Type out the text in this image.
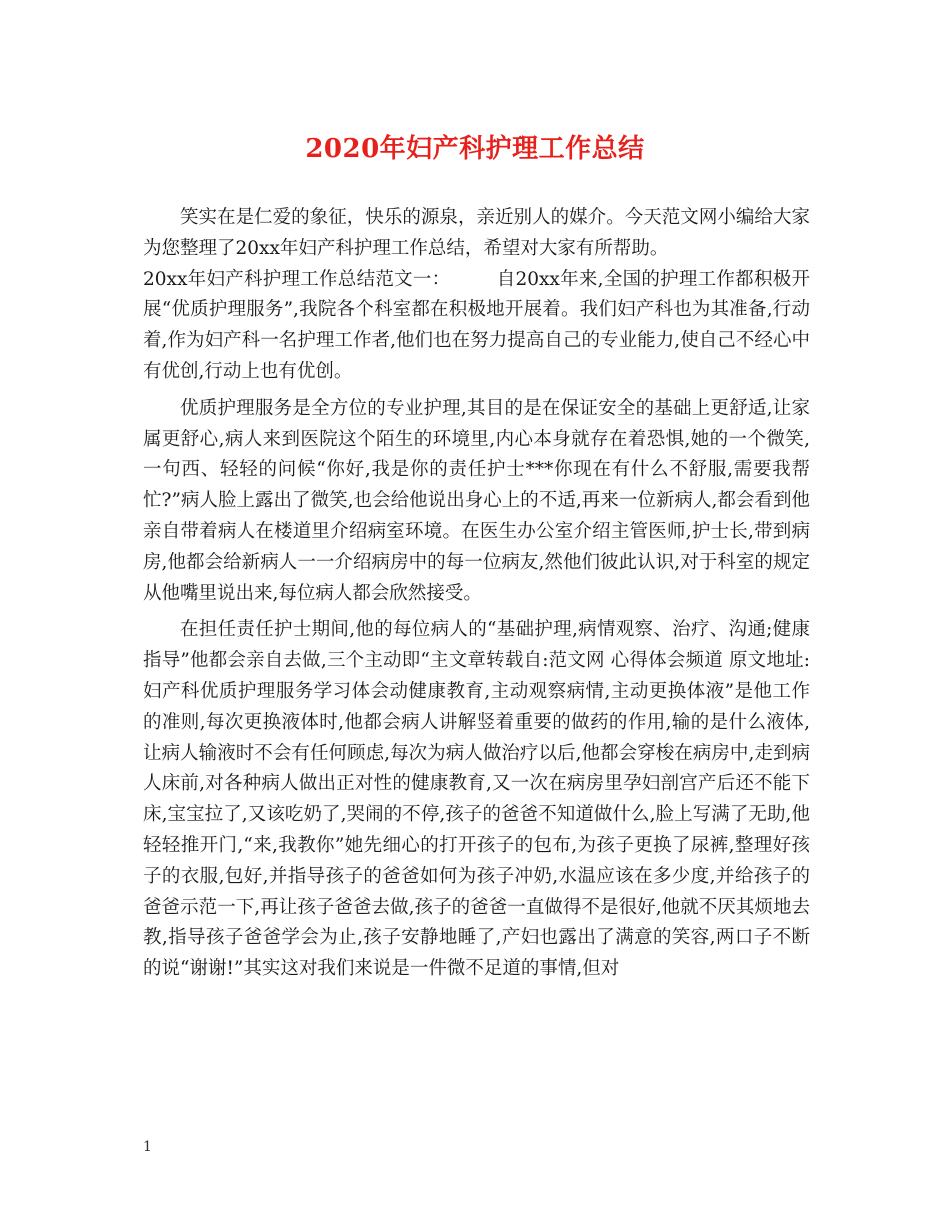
2020年妇产科护理工作总结

笑实在是仁爱的象征，快乐的源泉，亲近别人的媒介。今天范文网小编给大家为您整理了20xx年妇产科护理工作总结，希望对大家有所帮助。

20xx年妇产科护理工作总结范文一： 自20xx年来,全国的护理工作都积极开展“优质护理服务”,我院各个科室都在积极地开展着。我们妇产科也为其准备,行动着,作为妇产科一名护理工作者,他们也在努力提高自己的专业能力,使自己不经心中有优创,行动上也有优创。

优质护理服务是全方位的专业护理,其目的是在保证安全的基础上更舒适,让家属更舒心,病人来到医院这个陌生的环境里,内心本身就存在着恐惧,她的一个微笑,一句西、轻轻的问候“你好,我是你的责任护士***你现在有什么不舒服,需要我帮忙?”病人脸上露出了微笑,也会给他说出身心上的不适,再来一位新病人,都会看到他亲自带着病人在楼道里介绍病室环境。在医生办公室介绍主管医师,护士长,带到病房,他都会给新病人一一介绍病房中的每一位病友,然他们彼此认识,对于科室的规定从他嘴里说出来,每位病人都会欣然接受。

在担任责任护士期间,他的每位病人的“基础护理,病情观察、治疗、沟通;健康指导”他都会亲自去做,三个主动即“主文章转载自:范文网 心得体会频道 原文地址:妇产科优质护理服务学习体会动健康教育,主动观察病情,主动更换体液”是他工作的准则,每次更换液体时,他都会病人讲解竖着重要的做药的作用,输的是什么液体,让病人输液时不会有任何顾虑,每次为病人做治疗以后,他都会穿梭在病房中,走到病人床前,对各种病人做出正对性的健康教育,又一次在病房里孕妇剖宫产后还不能下床,宝宝拉了,又该吃奶了,哭闹的不停,孩子的爸爸不知道做什么,脸上写满了无助,他轻轻推开门,“来,我教你”她先细心的打开孩子的包布,为孩子更换了尿裤,整理好孩子的衣服,包好,并指导孩子的爸爸如何为孩子冲奶,水温应该在多少度,并给孩子的爸爸示范一下,再让孩子爸爸去做,孩子的爸爸一直做得不是很好,他就不厌其烦地去教,指导孩子爸爸学会为止,孩子安静地睡了,产妇也露出了满意的笑容,两口子不断的说“谢谢!”其实这对我们来说是一件微不足道的事情,但对

1
